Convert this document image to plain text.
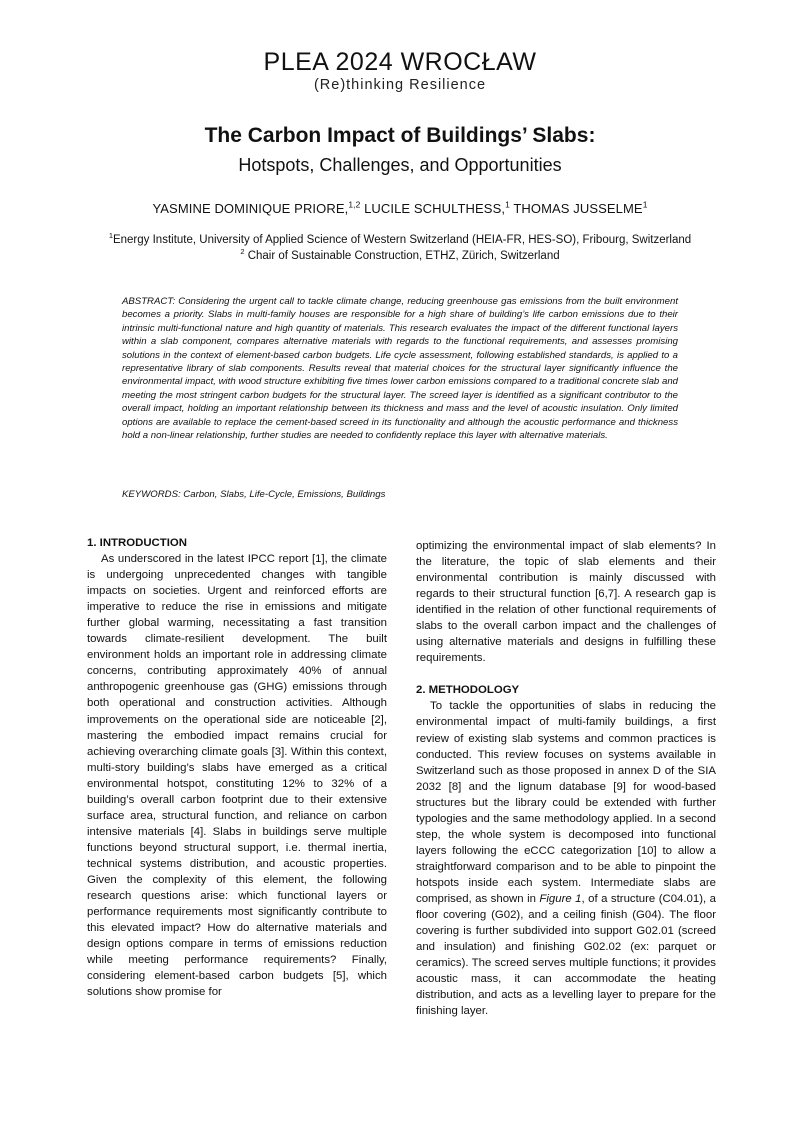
PLEA 2024 WROCŁAW
(Re)thinking Resilience
The Carbon Impact of Buildings’ Slabs:
Hotspots, Challenges, and Opportunities
YASMINE DOMINIQUE PRIORE,$^{1,2}$ LUCILE SCHULTHESS,$^1$ THOMAS JUSSELME$^1$
$^1$Energy Institute, University of Applied Science of Western Switzerland (HEIA-FR, HES-SO), Fribourg, Switzerland
$^2$ Chair of Sustainable Construction, ETHZ, Zürich, Switzerland
ABSTRACT: Considering the urgent call to tackle climate change, reducing greenhouse gas emissions from the built environment becomes a priority. Slabs in multi-family houses are responsible for a high share of building’s life carbon emissions due to their intrinsic multi-functional nature and high quantity of materials. This research evaluates the impact of the different functional layers within a slab component, compares alternative materials with regards to the functional requirements, and assesses promising solutions in the context of element-based carbon budgets. Life cycle assessment, following established standards, is applied to a representative library of slab components. Results reveal that material choices for the structural layer significantly influence the environmental impact, with wood structure exhibiting five times lower carbon emissions compared to a traditional concrete slab and meeting the most stringent carbon budgets for the structural layer. The screed layer is identified as a significant contributor to the overall impact, holding an important relationship between its thickness and mass and the level of acoustic insulation. Only limited options are available to replace the cement-based screed in its functionality and although the acoustic performance and thickness hold a non-linear relationship, further studies are needed to confidently replace this layer with alternative materials.
KEYWORDS: Carbon, Slabs, Life-Cycle, Emissions, Buildings

1. INTRODUCTION

As underscored in the latest IPCC report [1], the climate is undergoing unprecedented changes with tangible impacts on societies. Urgent and reinforced efforts are imperative to reduce the rise in emissions and mitigate further global warming, necessitating a fast transition towards climate-resilient development. The built environment holds an important role in addressing climate concerns, contributing approximately 40% of annual anthropogenic greenhouse gas (GHG) emissions through both operational and construction activities. Although improvements on the operational side are noticeable [2], mastering the embodied impact remains crucial for achieving overarching climate goals [3]. Within this context, multi-story building’s slabs have emerged as a critical environmental hotspot, constituting 12% to 32% of a building’s overall carbon footprint due to their extensive surface area, structural function, and reliance on carbon intensive materials [4]. Slabs in buildings serve multiple functions beyond structural support, i.e. thermal inertia, technical systems distribution, and acoustic properties. Given the complexity of this element, the following research questions arise: which functional layers or performance requirements most significantly contribute to this elevated impact? How do alternative materials and design options compare in terms of emissions reduction while meeting performance requirements? Finally, considering element-based carbon budgets [5], which solutions show promise for

optimizing the environmental impact of slab elements? In the literature, the topic of slab elements and their environmental contribution is mainly discussed with regards to their structural function [6,7]. A research gap is identified in the relation of other functional requirements of slabs to the overall carbon impact and the challenges of using alternative materials and designs in fulfilling these requirements.

2. METHODOLOGY

To tackle the opportunities of slabs in reducing the environmental impact of multi-family buildings, a first review of existing slab systems and common practices is conducted. This review focuses on systems available in Switzerland such as those proposed in annex D of the SIA 2032 [8] and the lignum database [9] for wood-based structures but the library could be extended with further typologies and the same methodology applied. In a second step, the whole system is decomposed into functional layers following the eCCC categorization [10] to allow a straightforward comparison and to be able to pinpoint the hotspots inside each system. Intermediate slabs are comprised, as shown in Figure 1, of a structure (C04.01), a floor covering (G02), and a ceiling finish (G04). The floor covering is further subdivided into support G02.01 (screed and insulation) and finishing G02.02 (ex: parquet or ceramics). The screed serves multiple functions; it provides acoustic mass, it can accommodate the heating distribution, and acts as a levelling layer to prepare for the finishing layer.
